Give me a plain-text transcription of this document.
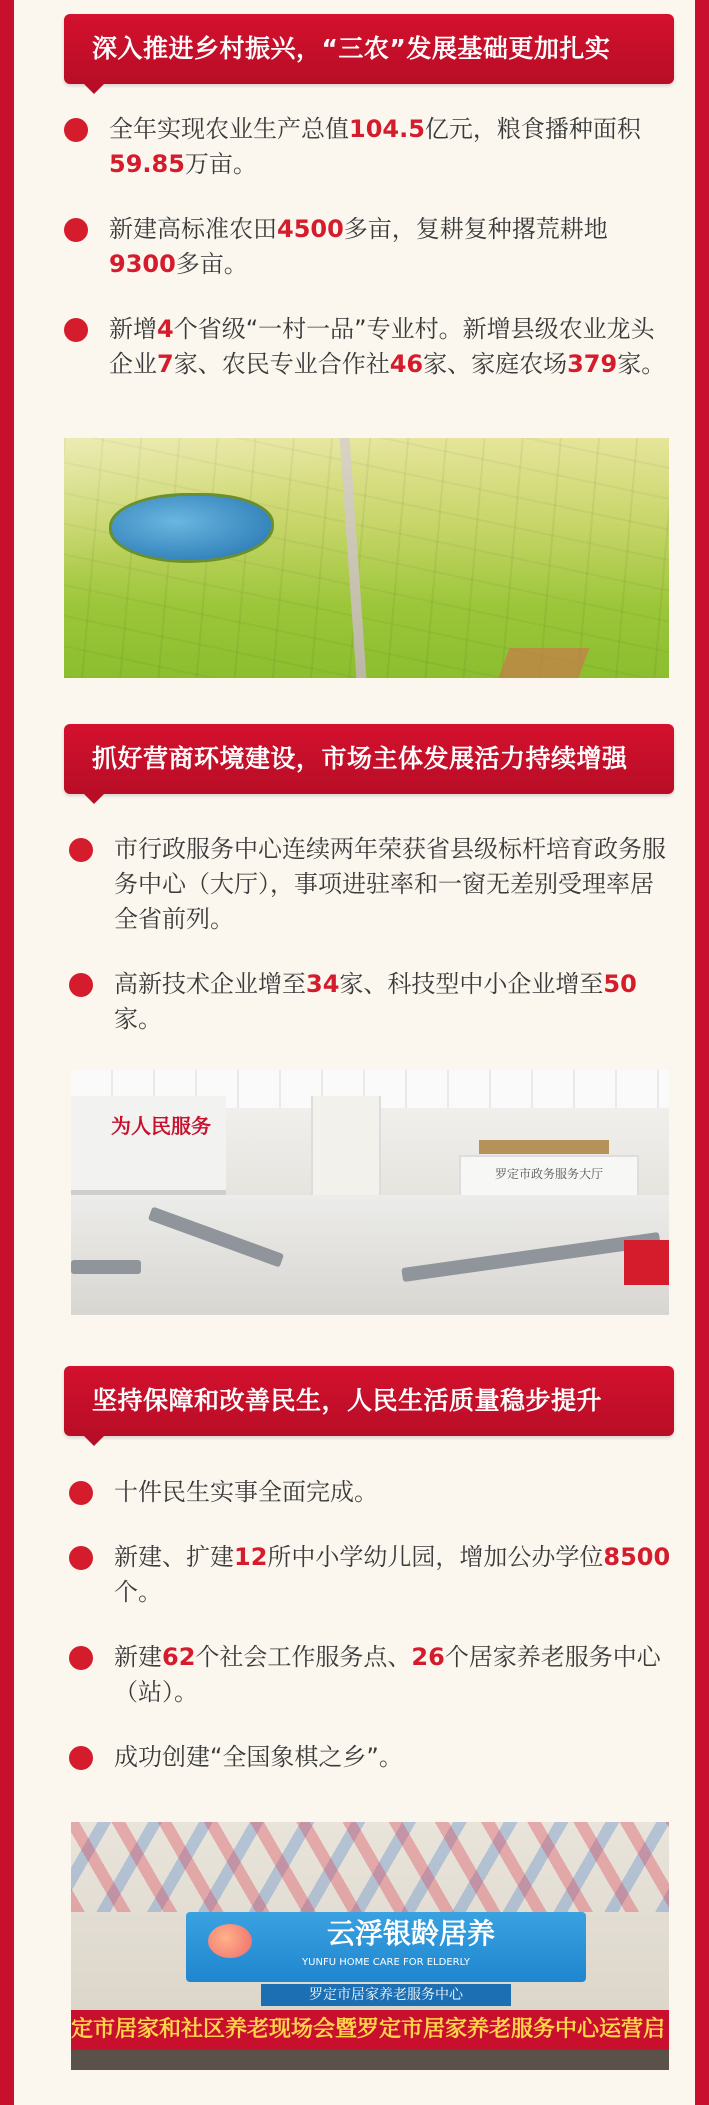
深入推进乡村振兴，“三农”发展基础更加扎实
全年实现农业生产总值104.5亿元，粮食播种面积59.85万亩。
新建高标准农田4500多亩，复耕复种撂荒耕地9300多亩。
新增4个省级“一村一品”专业村。新增县级农业龙头企业7家、农民专业合作社46家、家庭农场379家。
抓好营商环境建设，市场主体发展活力持续增强
市行政服务中心连续两年荣获省县级标杆培育政务服务中心（大厅），事项进驻率和一窗无差别受理率居全省前列。
高新技术企业增至34家、科技型中小企业增至50家。
为人民服务
罗定市政务服务大厅
坚持保障和改善民生，人民生活质量稳步提升
十件民生实事全面完成。
新建、扩建12所中小学幼儿园，增加公办学位8500个。
新建62个社会工作服务点、26个居家养老服务中心（站）。
成功创建“全国象棋之乡”。
云浮银龄居养
YUNFU HOME CARE FOR ELDERLY
罗定市居家养老服务中心
定市居家和社区养老现场会暨罗定市居家养老服务中心运营启
